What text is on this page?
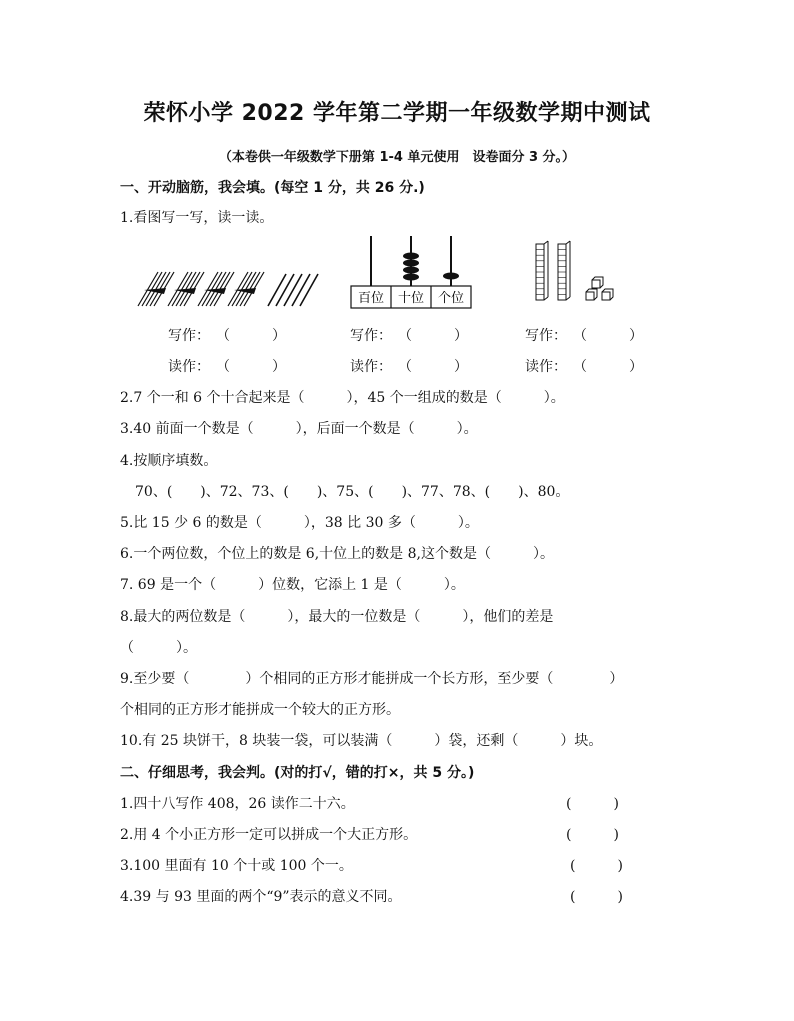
荣怀小学 2022 学年第二学期一年级数学期中测试
（本卷供一年级数学下册第 1-4 单元使用　设卷面分 3 分。）
一、开动脑筋，我会填。(每空 1 分，共 26 分.)
1.看图写一写，读一读。
百位 十位 个位
写作： （　　　）	写作： （　　　）	写作： （　　　）
读作： （　　　）	读作： （　　　）	读作： （　　　）
2.7 个一和 6 个十合起来是（　　　），45 个一组成的数是（　　　）。
3.40 前面一个数是（　　　），后面一个数是（　　　）。
4.按顺序填数。
70、(　　)、72、73、(　　)、75、(　　)、77、78、(　　)、80。
5.比 15 少 6 的数是（　　　），38 比 30 多（　　　）。
6.一个两位数，个位上的数是 6,十位上的数是 8,这个数是（　　　）。
7. 69 是一个（　　　）位数，它添上 1 是（　　　）。
8.最大的两位数是（　　　），最大的一位数是（　　　），他们的差是
（　　　）。
9.至少要（　　　　）个相同的正方形才能拼成一个长方形，至少要（　　　　）
个相同的正方形才能拼成一个较大的正方形。
10.有 25 块饼干，8 块装一袋，可以装满（　　　）袋，还剩（　　　）块。
二、仔细思考，我会判。(对的打√，错的打×，共 5 分。)
1.四十八写作 408，26 读作二十六。	(　　　)
2.用 4 个小正方形一定可以拼成一个大正方形。	(　　　)
3.100 里面有 10 个十或 100 个一。	(　　　)
4.39 与 93 里面的两个“9”表示的意义不同。	(　　　)
